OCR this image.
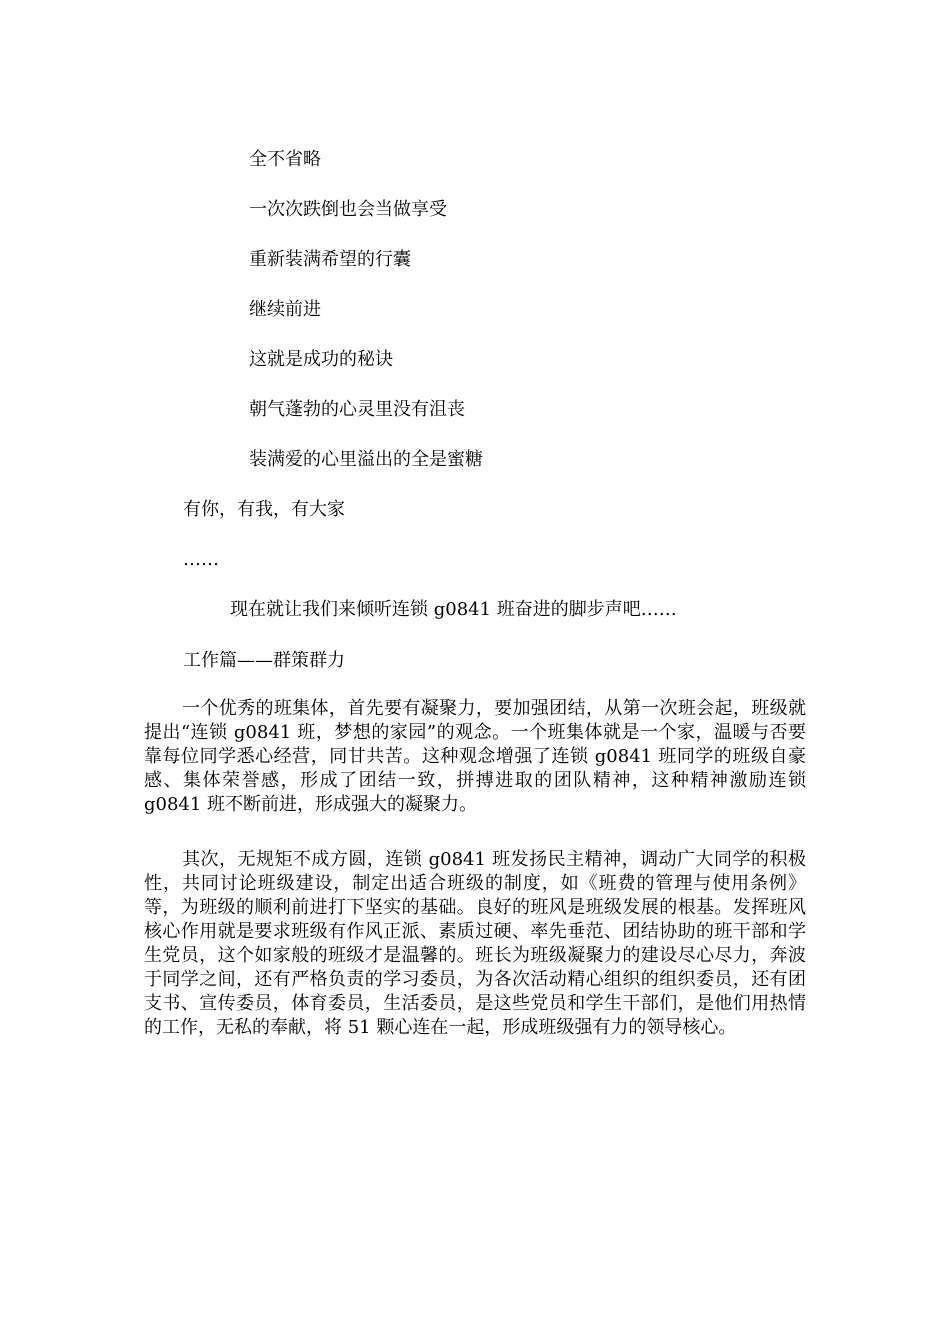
全不省略
一次次跌倒也会当做享受
重新装满希望的行囊
继续前进
这就是成功的秘诀
朝气蓬勃的心灵里没有沮丧
装满爱的心里溢出的全是蜜糖
有你，有我，有大家
……
现在就让我们来倾听连锁 g0841 班奋进的脚步声吧……
工作篇——群策群力

一个优秀的班集体，首先要有凝聚力，要加强团结，从第一次班会起，班级就提出“连锁 g0841 班，梦想的家园”的观念。一个班集体就是一个家，温暖与否要靠每位同学悉心经营，同甘共苦。这种观念增强了连锁 g0841 班同学的班级自豪感、集体荣誉感，形成了团结一致，拼搏进取的团队精神，这种精神激励连锁 g0841 班不断前进，形成强大的凝聚力。

其次，无规矩不成方圆，连锁 g0841 班发扬民主精神，调动广大同学的积极性，共同讨论班级建设，制定出适合班级的制度，如《班费的管理与使用条例》等，为班级的顺利前进打下坚实的基础。良好的班风是班级发展的根基。发挥班风核心作用就是要求班级有作风正派、素质过硬、率先垂范、团结协助的班干部和学生党员，这个如家般的班级才是温馨的。班长为班级凝聚力的建设尽心尽力，奔波于同学之间，还有严格负责的学习委员，为各次活动精心组织的组织委员，还有团支书、宣传委员，体育委员，生活委员，是这些党员和学生干部们，是他们用热情的工作，无私的奉献，将 51 颗心连在一起，形成班级强有力的领导核心。
